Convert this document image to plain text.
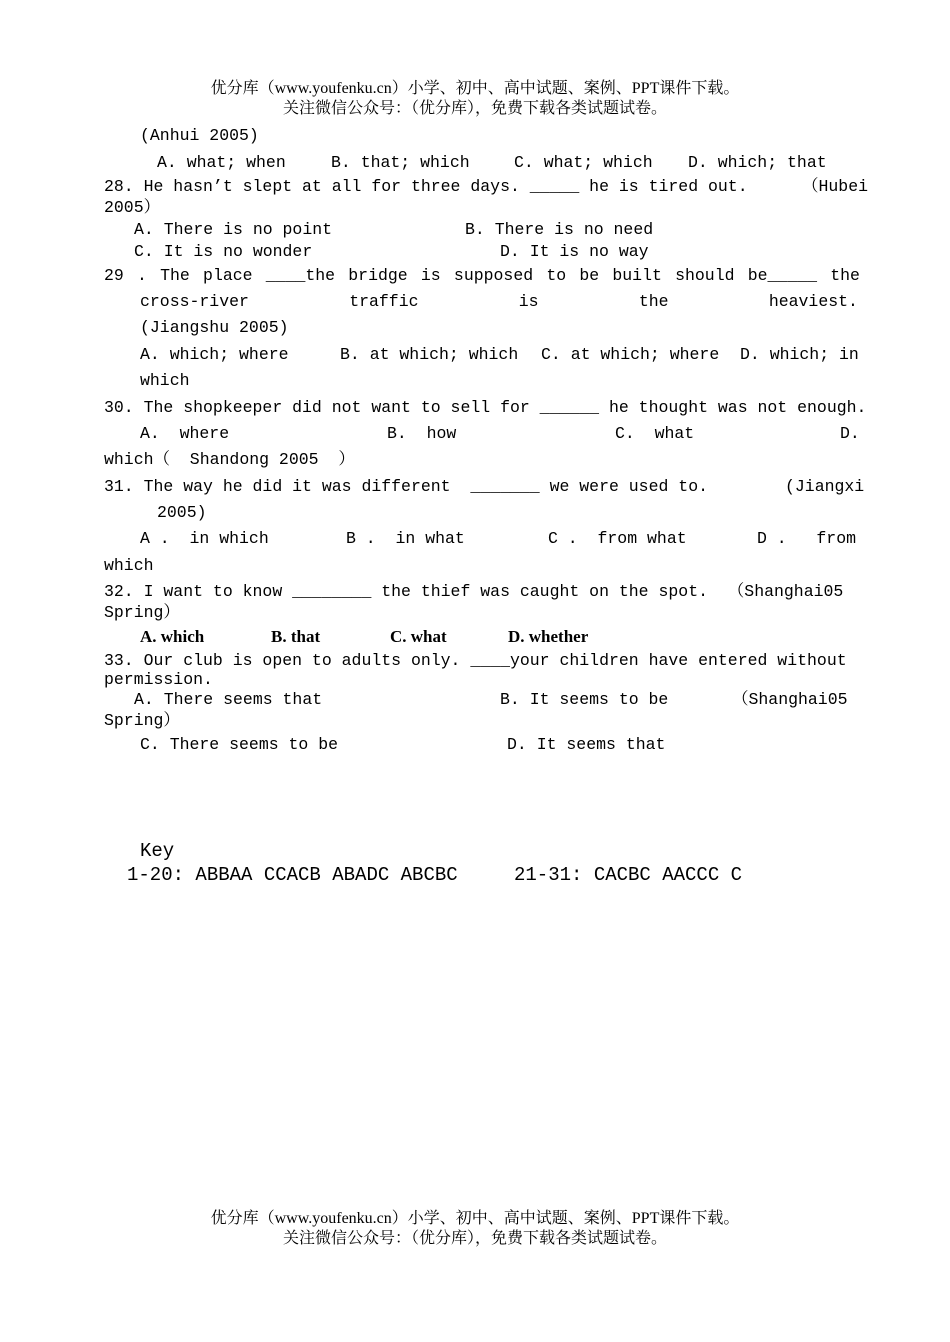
优分库（www.youfenku.cn）小学、初中、高中试题、案例、PPT课件下载。
关注微信公众号：（优分库），免费下载各类试题试卷。
(Anhui 2005)
A. what; when	B. that; which	C. what; which D. which; that
28. He hasn’t slept at all for three days. _____ he is tired out.	（Hubei
2005）
A. There is no point	B. There is no need
C. It is no wonder	D. It is no way
29 . The place ____the bridge is supposed to be built should be_____ the
cross-river	traffic	is	the	heaviest.
(Jiangshu 2005)
A. which; where	B. at which; which C. at which; where D. which; in
which
30. The shopkeeper did not want to sell for ______ he thought was not enough.
A.  where	B.  how	C.  what	D.
which（  Shandong 2005  ）
31. The way he did it was different  _______ we were used to.	(Jiangxi
2005)
A .  in which	B .  in what	C .  from what	D .   from
which
32. I want to know ________ the thief was caught on the spot.  （Shanghai05
Spring）
A. which	B. that	C. what	D. whether
33. Our club is open to adults only. ____your children have entered without
permission.
A. There seems that	B. It seems to be	（Shanghai05
Spring）
C. There seems to be	D. It seems that
Key
1-20: ABBAA CCACB ABADC ABCBC	21-31: CACBC AACCC C
优分库（www.youfenku.cn）小学、初中、高中试题、案例、PPT课件下载。
关注微信公众号：（优分库），免费下载各类试题试卷。
